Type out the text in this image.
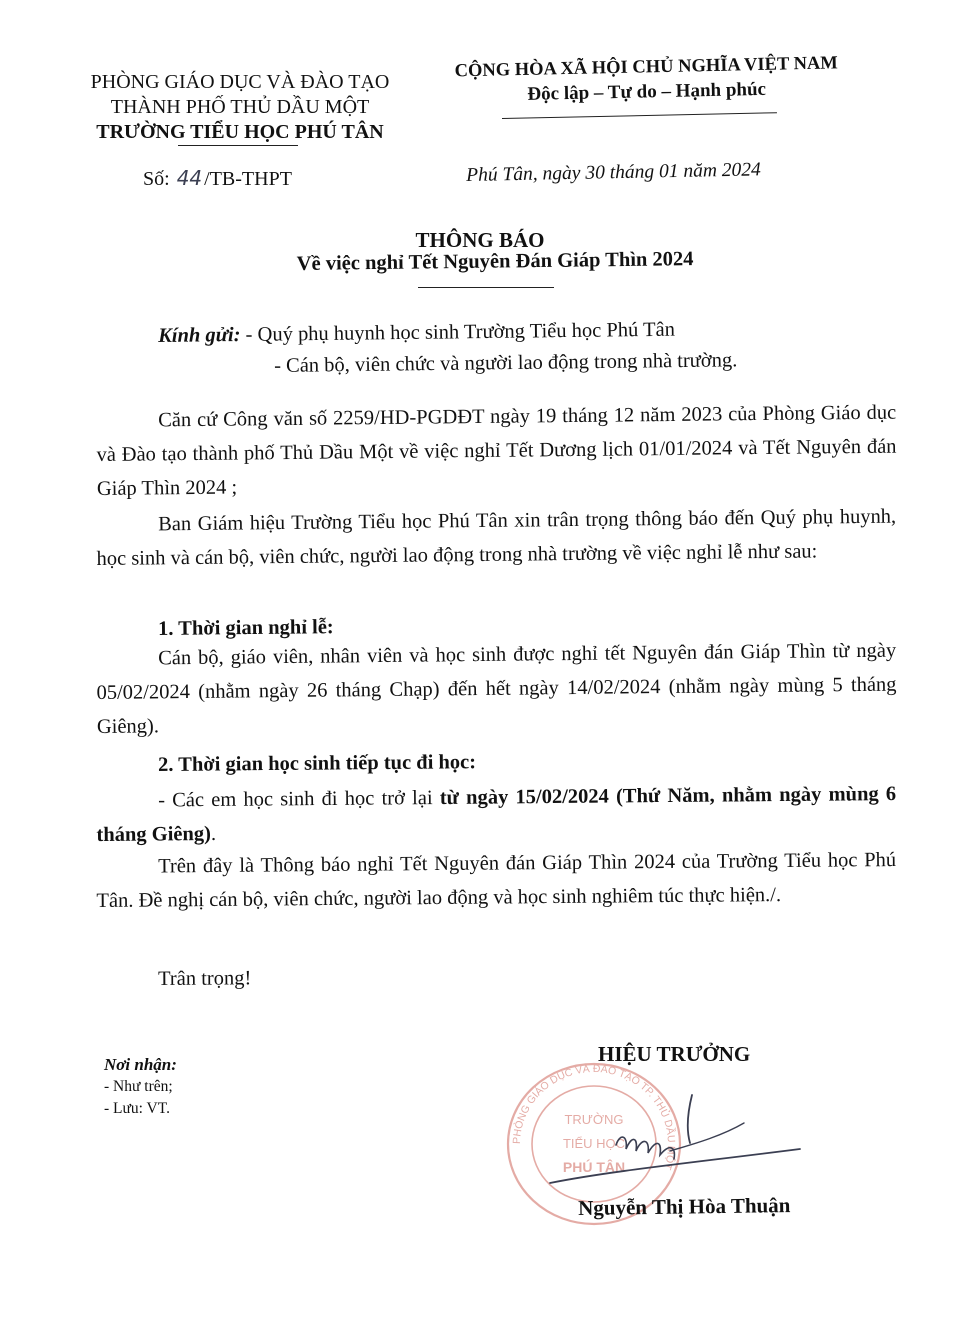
PHÒNG GIÁO DỤC VÀ ĐÀO TẠO
THÀNH PHỐ THỦ DẦU MỘT
TRƯỜNG TIỂU HỌC PHÚ TÂN
Số: 44 /TB-THPT
CỘNG HÒA XÃ HỘI CHỦ NGHĨA VIỆT NAM
Độc lập – Tự do – Hạnh phúc
Phú Tân, ngày 30 tháng 01 năm 2024
THÔNG BÁO
Về việc nghỉ Tết Nguyên Đán Giáp Thìn 2024
Kính gửi: - Quý phụ huynh học sinh Trường Tiểu học Phú Tân
- Cán bộ, viên chức và người lao động trong nhà trường.
Căn cứ Công văn số 2259/HD-PGDĐT ngày 19 tháng 12 năm 2023 của Phòng Giáo dục và Đào tạo thành phố Thủ Dầu Một về việc nghỉ Tết Dương lịch 01/01/2024 và Tết Nguyên đán Giáp Thìn 2024 ;
Ban Giám hiệu Trường Tiểu học Phú Tân xin trân trọng thông báo đến Quý phụ huynh, học sinh và cán bộ, viên chức, người lao động trong nhà trường về việc nghỉ lễ như sau:
1. Thời gian nghỉ lễ:
Cán bộ, giáo viên, nhân viên và học sinh được nghỉ tết Nguyên đán Giáp Thìn từ ngày 05/02/2024 (nhằm ngày 26 tháng Chạp) đến hết ngày 14/02/2024 (nhằm ngày mùng 5 tháng Giêng).
2. Thời gian học sinh tiếp tục đi học:
- Các em học sinh đi học trở lại từ ngày 15/02/2024 (Thứ Năm, nhằm ngày mùng 6 tháng Giêng).
Trên đây là Thông báo nghỉ Tết Nguyên đán Giáp Thìn 2024 của Trường Tiểu học Phú Tân. Đề nghị cán bộ, viên chức, người lao động và học sinh nghiêm túc thực hiện./.
Trân trọng!
Nơi nhận:
- Như trên;
- Lưu: VT.
HIỆU TRƯỞNG
PHÒNG GIÁO DỤC VÀ ĐÀO TẠO TP. THỦ DẦU MỘT
TRƯỜNG
TIỂU HỌC
PHÚ TÂN
Nguyễn Thị Hòa Thuận
